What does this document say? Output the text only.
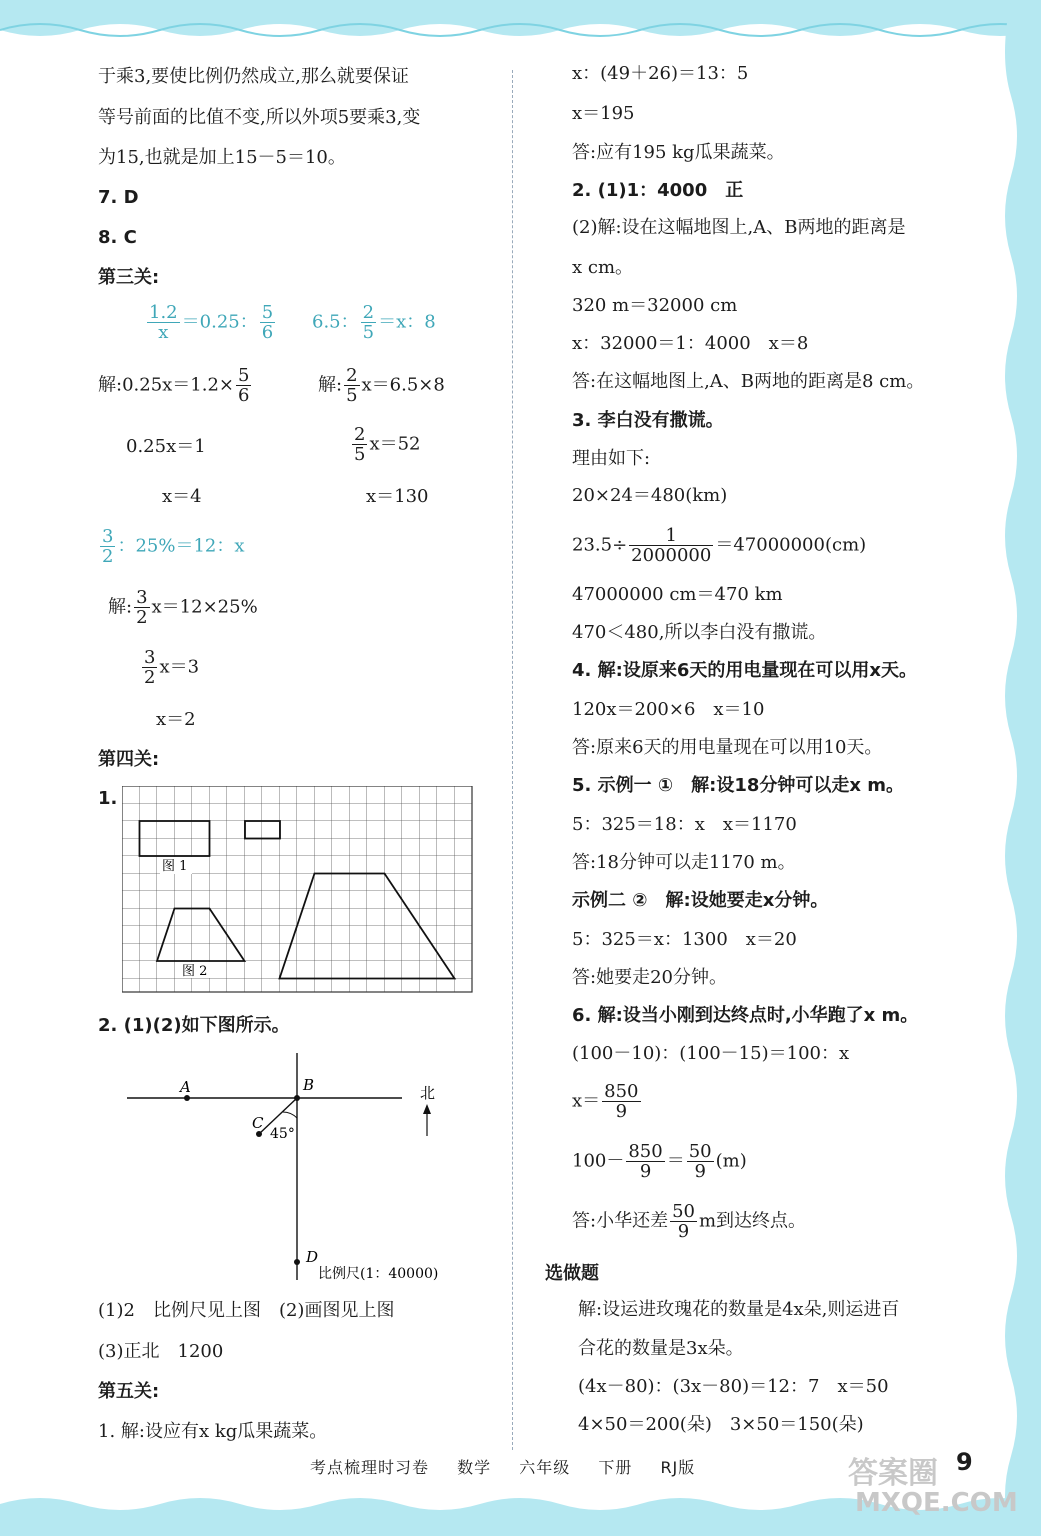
于乘3,要使比例仍然成立,那么就要保证
等号前面的比值不变,所以外项5要乘3,变
为15,也就是加上15－5＝10。
7. D
8. C
第三关:
$\frac{1.2}{x} =0.25$： $\frac{5}{6} 6.5$： $\frac{2}{5} =x$：8
解:0.25x＝1.2× $\frac{5}{6}$	解: $\frac{2}{5} x=6.5\times 8$
0.25x＝1	$\frac{2}{5} x=52$
x＝4	x＝130
$\frac{3}{2}$ ：25%＝12：x
解: $\frac{3}{2} x=12\times 25\%$
$\frac{3}{2} x=3$
x＝2
第四关:
1.
图 1
图 2
2. (1)(2)如下图所示。
A	B
C
D
45°
北
比例尺(1：40000)
(1)2　比例尺见上图　(2)画图见上图
(3)正北　1200
第五关:
1. 解:设应有x kg瓜果蔬菜。
x：(49＋26)＝13：5
x＝195
答:应有195 kg瓜果蔬菜。
2. (1)1：4000　正
(2)解:设在这幅地图上,A、B两地的距离是
x cm。
320 m＝32000 cm
x：32000＝1：4000　x＝8
答:在这幅地图上,A、B两地的距离是8 cm。
3. 李白没有撒谎。
理由如下:
20×24＝480(km)
$23.5\div \frac{1}{2000000} =47000000(cm)$
47000000 cm＝470 km
470＜480,所以李白没有撒谎。
4. 解:设原来6天的用电量现在可以用x天。
120x＝200×6　x＝10
答:原来6天的用电量现在可以用10天。
5. 示例一 ①　解:设18分钟可以走x m。
5：325＝18：x　x＝1170
答:18分钟可以走1170 m。
示例二 ②　解:设她要走x分钟。
5：325＝x：1300　x＝20
答:她要走20分钟。
6. 解:设当小刚到达终点时,小华跑了x m。
(100－10)：(100－15)＝100：x
$x= \frac{850}{9}$
$100- \frac{850}{9} = \frac{50}{9} (m)$
答:小华还差 $\frac{50}{9}$ m到达终点。
选做题
解:设运进玫瑰花的数量是4x朵,则运进百
合花的数量是3x朵。
(4x－80)：(3x－80)＝12：7　x＝50
4×50＝200(朵)　3×50＝150(朵)
考点梳理时习卷 数学 六年级 下册 RJ版	答案圈 9
MXQE.COM
